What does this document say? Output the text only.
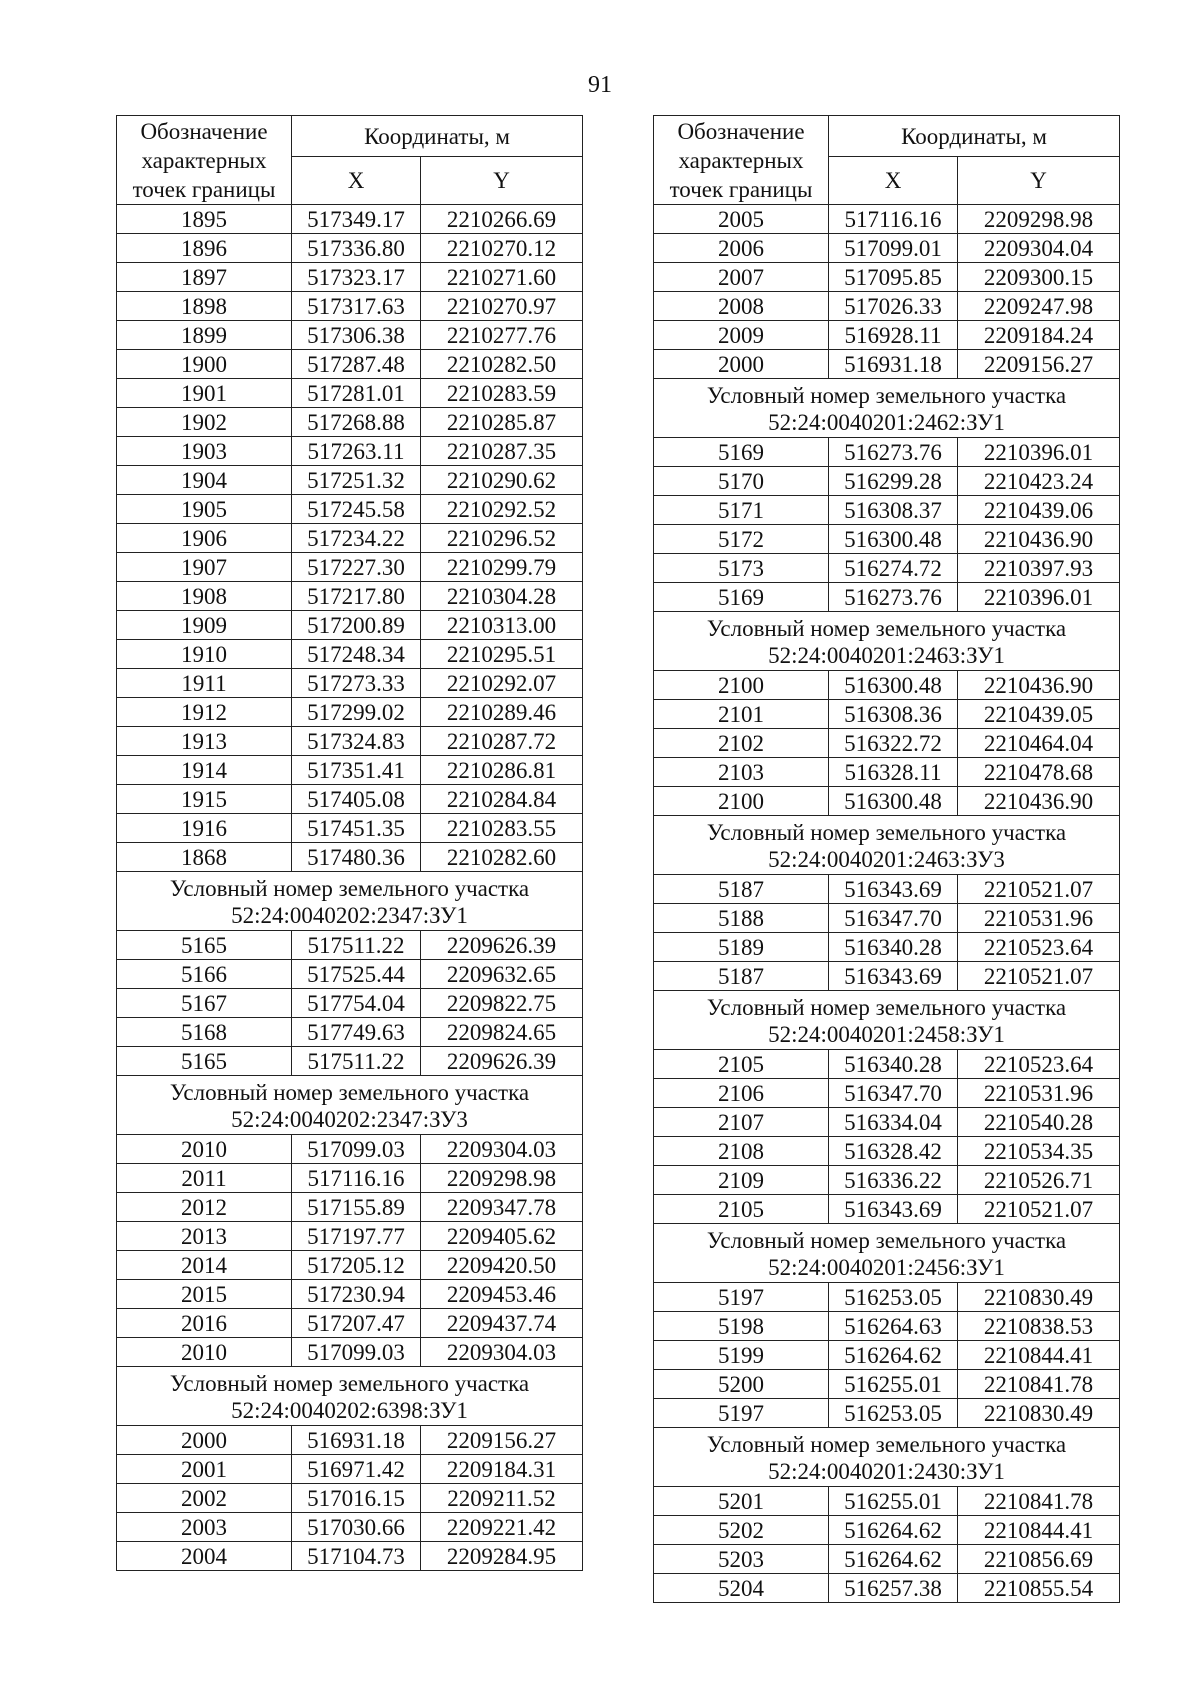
91
Обозначение
характерных
точек границы	Координаты, м	
	X	Y
1895	517349.17	2210266.69
1896	517336.80	2210270.12
1897	517323.17	2210271.60
1898	517317.63	2210270.97
1899	517306.38	2210277.76
1900	517287.48	2210282.50
1901	517281.01	2210283.59
1902	517268.88	2210285.87
1903	517263.11	2210287.35
1904	517251.32	2210290.62
1905	517245.58	2210292.52
1906	517234.22	2210296.52
1907	517227.30	2210299.79
1908	517217.80	2210304.28
1909	517200.89	2210313.00
1910	517248.34	2210295.51
1911	517273.33	2210292.07
1912	517299.02	2210289.46
1913	517324.83	2210287.72
1914	517351.41	2210286.81
1915	517405.08	2210284.84
1916	517451.35	2210283.55
1868	517480.36	2210282.60

Условный номер земельного участка
52:24:0040202:2347:ЗУ1		

5165	517511.22	2209626.39
5166	517525.44	2209632.65
5167	517754.04	2209822.75
5168	517749.63	2209824.65
5165	517511.22	2209626.39

Условный номер земельного участка
52:24:0040202:2347:ЗУ3		

2010	517099.03	2209304.03
2011	517116.16	2209298.98
2012	517155.89	2209347.78
2013	517197.77	2209405.62
2014	517205.12	2209420.50
2015	517230.94	2209453.46
2016	517207.47	2209437.74
2010	517099.03	2209304.03

Условный номер земельного участка
52:24:0040202:6398:ЗУ1		

2000	516931.18	2209156.27
2001	516971.42	2209184.31
2002	517016.15	2209211.52
2003	517030.66	2209221.42
2004	517104.73	2209284.95
Обозначение
характерных
точек границы	Координаты, м	
	X	Y
2005	517116.16	2209298.98
2006	517099.01	2209304.04
2007	517095.85	2209300.15
2008	517026.33	2209247.98
2009	516928.11	2209184.24
2000	516931.18	2209156.27

Условный номер земельного участка
52:24:0040201:2462:ЗУ1		

5169	516273.76	2210396.01
5170	516299.28	2210423.24
5171	516308.37	2210439.06
5172	516300.48	2210436.90
5173	516274.72	2210397.93
5169	516273.76	2210396.01

Условный номер земельного участка
52:24:0040201:2463:ЗУ1		

2100	516300.48	2210436.90
2101	516308.36	2210439.05
2102	516322.72	2210464.04
2103	516328.11	2210478.68
2100	516300.48	2210436.90

Условный номер земельного участка
52:24:0040201:2463:ЗУ3		

5187	516343.69	2210521.07
5188	516347.70	2210531.96
5189	516340.28	2210523.64
5187	516343.69	2210521.07

Условный номер земельного участка
52:24:0040201:2458:ЗУ1		

2105	516340.28	2210523.64
2106	516347.70	2210531.96
2107	516334.04	2210540.28
2108	516328.42	2210534.35
2109	516336.22	2210526.71
2105	516343.69	2210521.07

Условный номер земельного участка
52:24:0040201:2456:ЗУ1		

5197	516253.05	2210830.49
5198	516264.63	2210838.53
5199	516264.62	2210844.41
5200	516255.01	2210841.78
5197	516253.05	2210830.49

Условный номер земельного участка
52:24:0040201:2430:ЗУ1		

5201	516255.01	2210841.78
5202	516264.62	2210844.41
5203	516264.62	2210856.69
5204	516257.38	2210855.54
